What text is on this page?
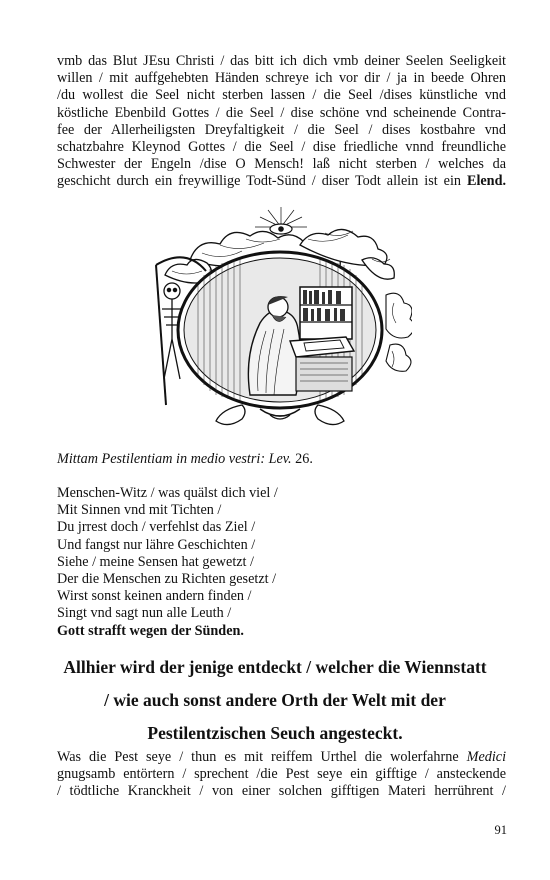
vmb das Blut JEsu Christi / das bitt ich dich vmb deiner Seelen Seeligkeit
willen / mit auffgehebten Händen schreye ich vor dir / ja in beede Ohren
/du wollest die Seel nicht sterben lassen / die Seel /dises künstliche vnd
köstliche Ebenbild Gottes / die Seel / dise schöne vnd scheinende Contra-
fee der Allerheiligsten Dreyfaltigkeit / die Seel / dises kostbahre vnd
schatzbahre Kleynod Gottes / die Seel / dise friedliche vnnd freundliche
Schwester der Engeln /dise O Mensch! laß nicht sterben / welches da
geschicht durch ein freywillige Todt-Sünd / diser Todt allein ist ein Elend.
Mittam Pestilentiam in medio vestri: Lev. 26.
Menschen-Witz / was quälst dich viel /
Mit Sinnen vnd mit Tichten /
Du jrrest doch / verfehlst das Ziel /
Und fangst nur lähre Geschichten /
Siehe / meine Sensen hat gewetzt /
Der die Menschen zu Richten gesetzt /
Wirst sonst keinen andern finden /
Singt vnd sagt nun alle Leuth /
Gott strafft wegen der Sünden.
Allhier wird der jenige entdeckt / welcher die Wiennstatt
/ wie auch sonst andere Orth der Welt mit der
Pestilentzischen Seuch angesteckt.
Was die Pest seye / thun es mit reiffem Urthel die wolerfahrne Medici
gnugsamb entörtern / sprechent /die Pest seye ein gifftige / ansteckende
/ tödtliche Kranckheit / von einer solchen gifftigen Materi herrührent /
91
